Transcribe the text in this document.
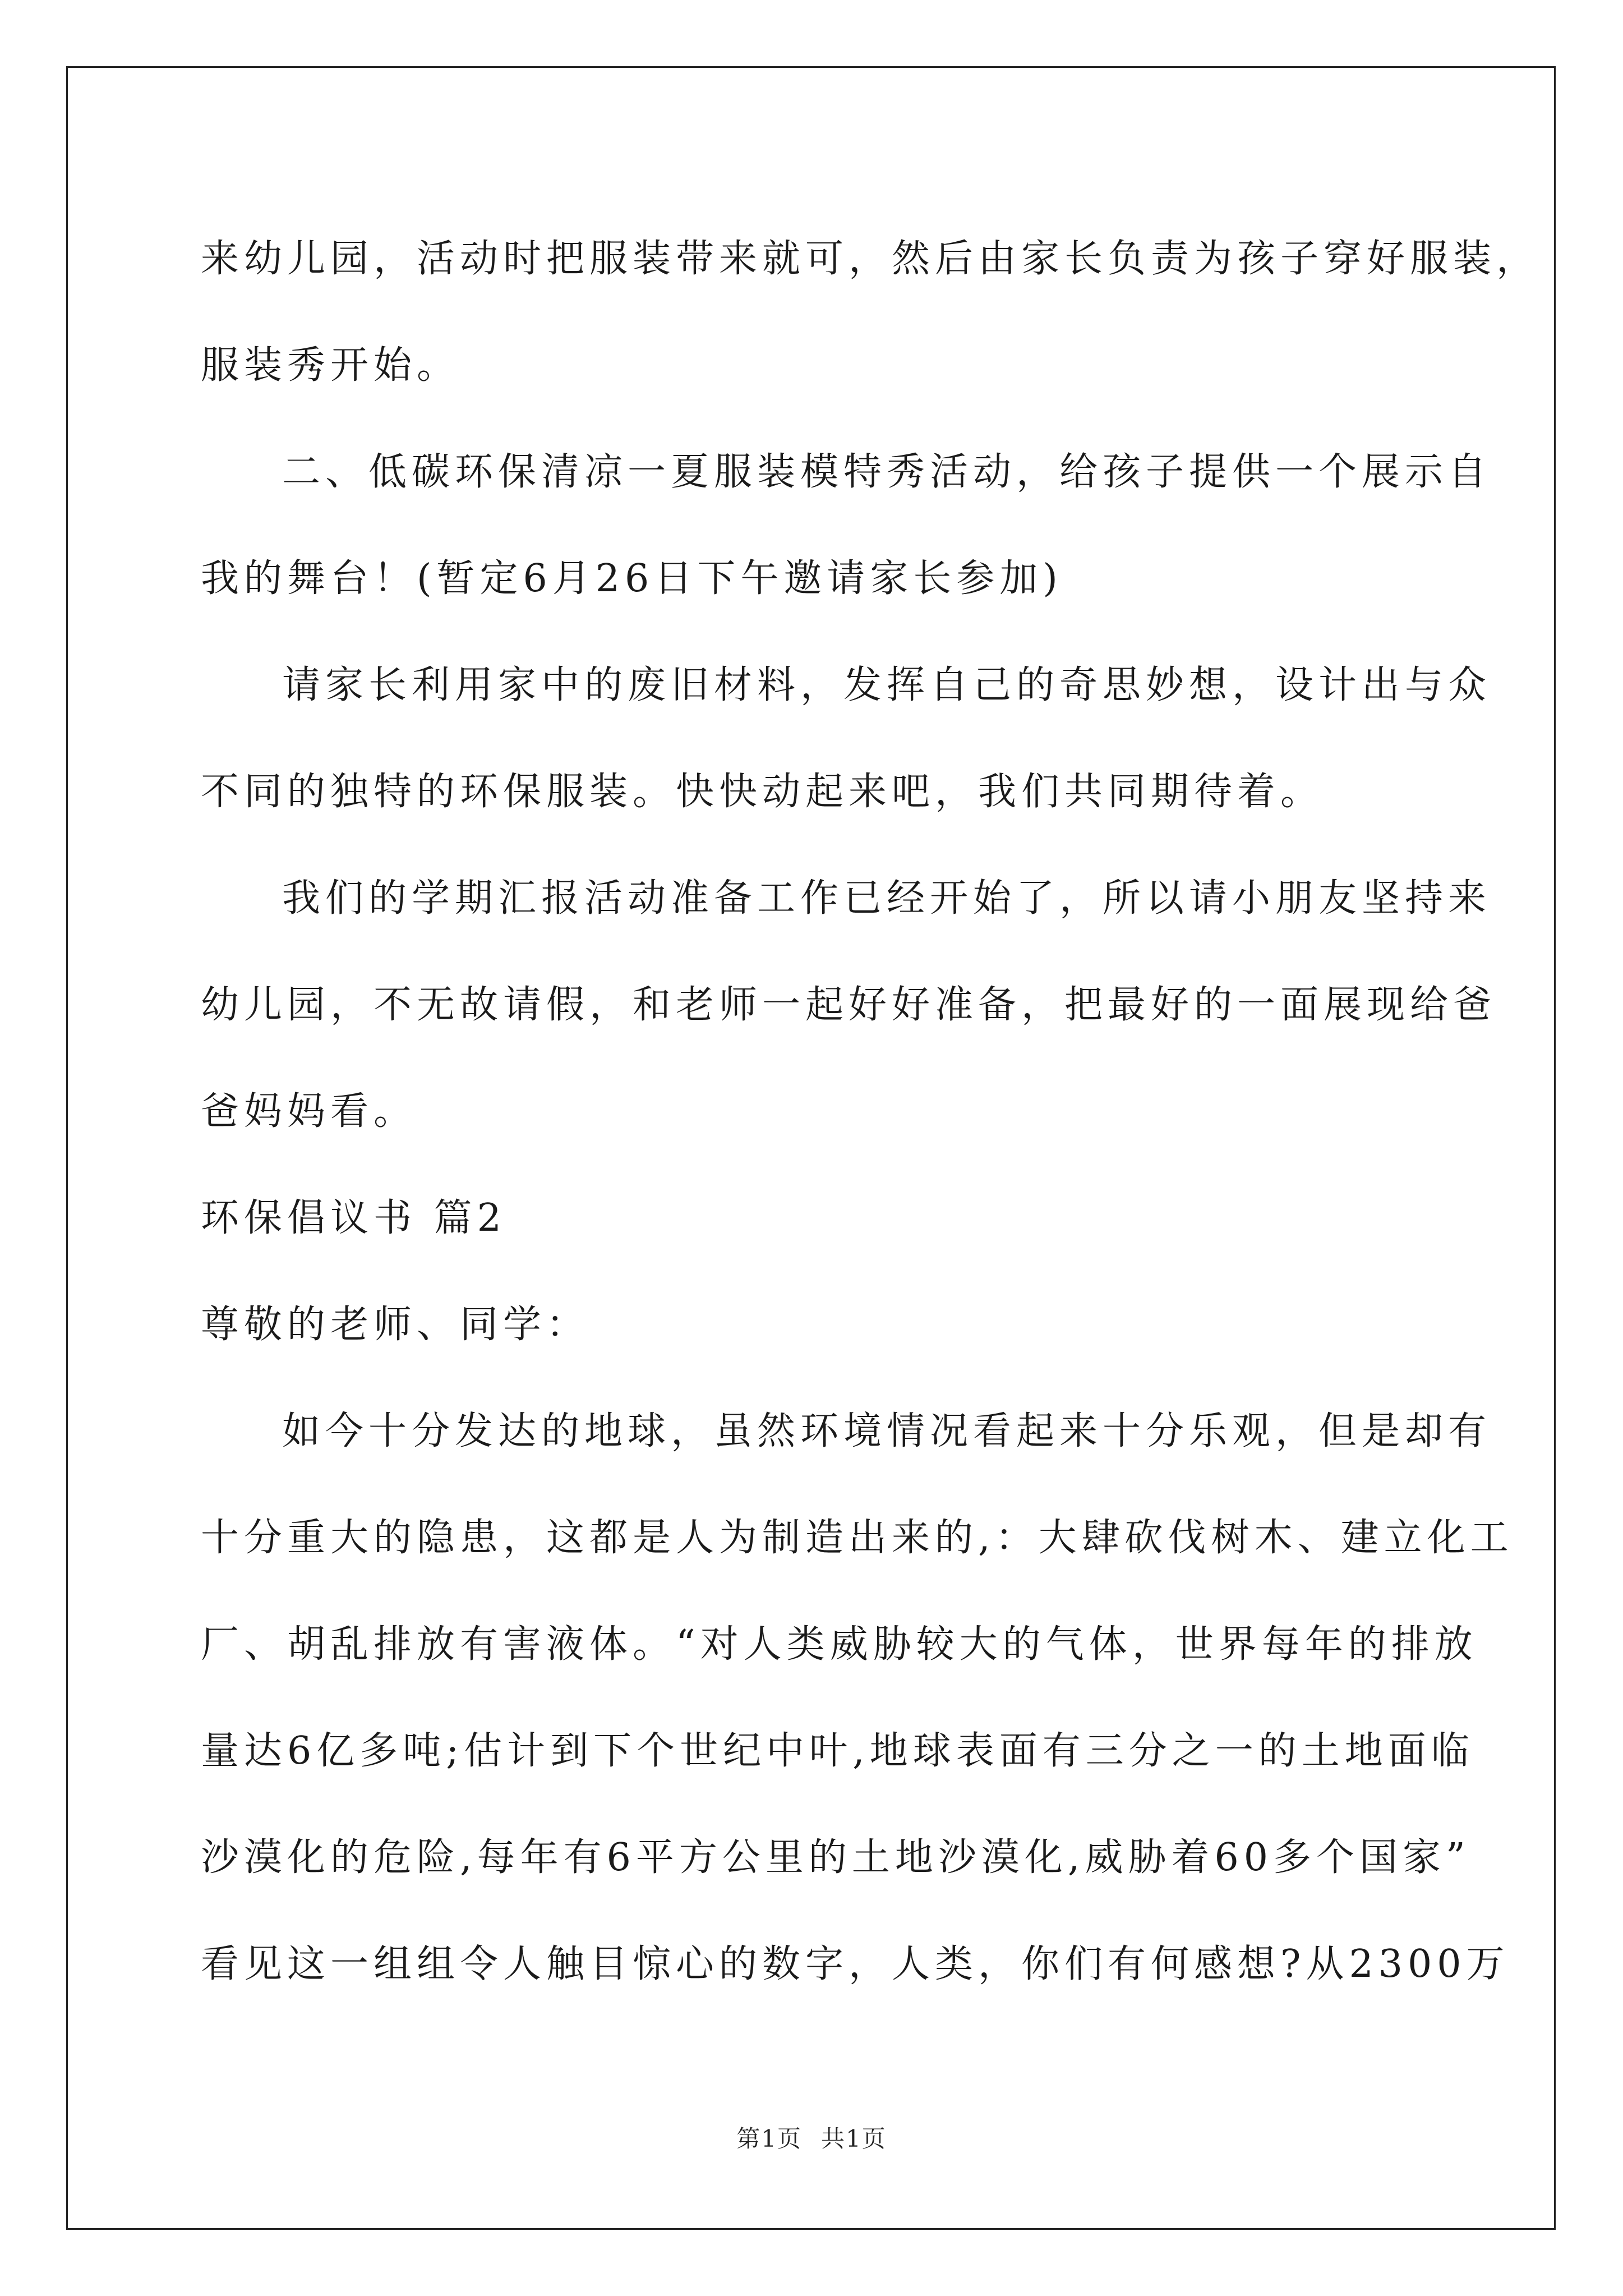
来幼儿园，活动时把服装带来就可，然后由家长负责为孩子穿好服装，
服装秀开始。
二、低碳环保清凉一夏服装模特秀活动，给孩子提供一个展示自
我的舞台！(暂定6月26日下午邀请家长参加)
请家长利用家中的废旧材料，发挥自己的奇思妙想，设计出与众
不同的独特的环保服装。快快动起来吧，我们共同期待着。
我们的学期汇报活动准备工作已经开始了，所以请小朋友坚持来
幼儿园，不无故请假，和老师一起好好准备，把最好的一面展现给爸
爸妈妈看。
环保倡议书 篇2
尊敬的老师、同学：
如今十分发达的地球，虽然环境情况看起来十分乐观，但是却有
十分重大的隐患，这都是人为制造出来的,：大肆砍伐树木、建立化工
厂、胡乱排放有害液体。“对人类威胁较大的气体，世界每年的排放
量达6亿多吨;估计到下个世纪中叶,地球表面有三分之一的土地面临
沙漠化的危险,每年有6平方公里的土地沙漠化,威胁着60多个国家”
看见这一组组令人触目惊心的数字，人类，你们有何感想?从2300万
第1页 共1页
